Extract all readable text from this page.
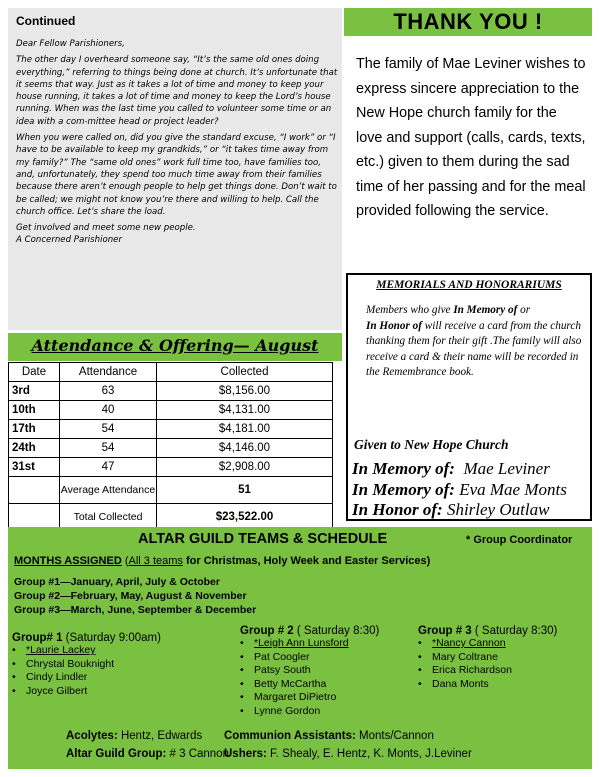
Continued

Dear Fellow Parishioners,

The other day I overheard someone say, “It’s the same old ones doing everything,” referring to things being done at church. It’s unfortunate that it seems that way. Just as it takes a lot of time and money to keep your house running, it takes a lot of time and money to keep the Lord’s house running. When was the last time you called to volunteer some time or an idea with a com-mittee head or project leader?

When you were called on, did you give the standard excuse, “I work” or “I have to be available to keep my grandkids,” or “it takes time away from my family?” The “same old ones” work full time too, have families too, and, unfortunately, they spend too much time away from their families because there aren’t enough people to help get things done. Don’t wait to be called; we might not know you’re there and willing to help. Call the church office. Let’s share the load.

Get involved and meet some new people.

A Concerned Parishioner

THANK YOU !
The family of Mae Leviner wishes to express sincere appreciation to the New Hope church family for the love and support (calls, cards, texts, etc.) given to them during the sad time of her passing and for the meal provided following the service.
MEMORIALS AND HONORARIUMS
Members who give In Memory of or
In Honor of will receive a card from the church thanking them for their gift .The family will also receive a card & their name will be recorded in the Remembrance book.
Given to New Hope Church
In Memory of: Mae Leviner
In Memory of: Eva Mae Monts
In Honor of: Shirley Outlaw
Attendance & Offering— August
Date	Attendance	Collected
3rd	63	$8,156.00
10th	40	$4,131.00
17th	54	$4,181.00
24th	54	$4,146.00
31st	47	$2,908.00
	Average Attendance	51
	Total Collected	$23,522.00
ALTAR GUILD TEAMS & SCHEDULE	* Group Coordinator
MONTHS ASSIGNED (All 3 teams for Christmas, Holy Week and Easter Services)
Group #1—January, April, July & October
Group #2—February, May, August & November
Group #3—March, June, September & December
Group# 1 (Saturday 9:00am)
• *Laurie Lackey
• Chrystal Bouknight
• Cindy Lindler
• Joyce Gilbert
Group # 2 ( Saturday 8:30)
• *Leigh Ann Lunsford
• Pat Coogler
• Patsy South
• Betty McCartha
• Margaret DiPietro
• Lynne Gordon
Group # 3 ( Saturday 8:30)
• *Nancy Cannon
• Mary Coltrane
• Erica Richardson
• Dana Monts
Acolytes: Hentz, Edwards Communion Assistants: Monts/Cannon
Altar Guild Group: # 3 Cannon
Ushers: F. Shealy, E. Hentz, K. Monts, J.Leviner
